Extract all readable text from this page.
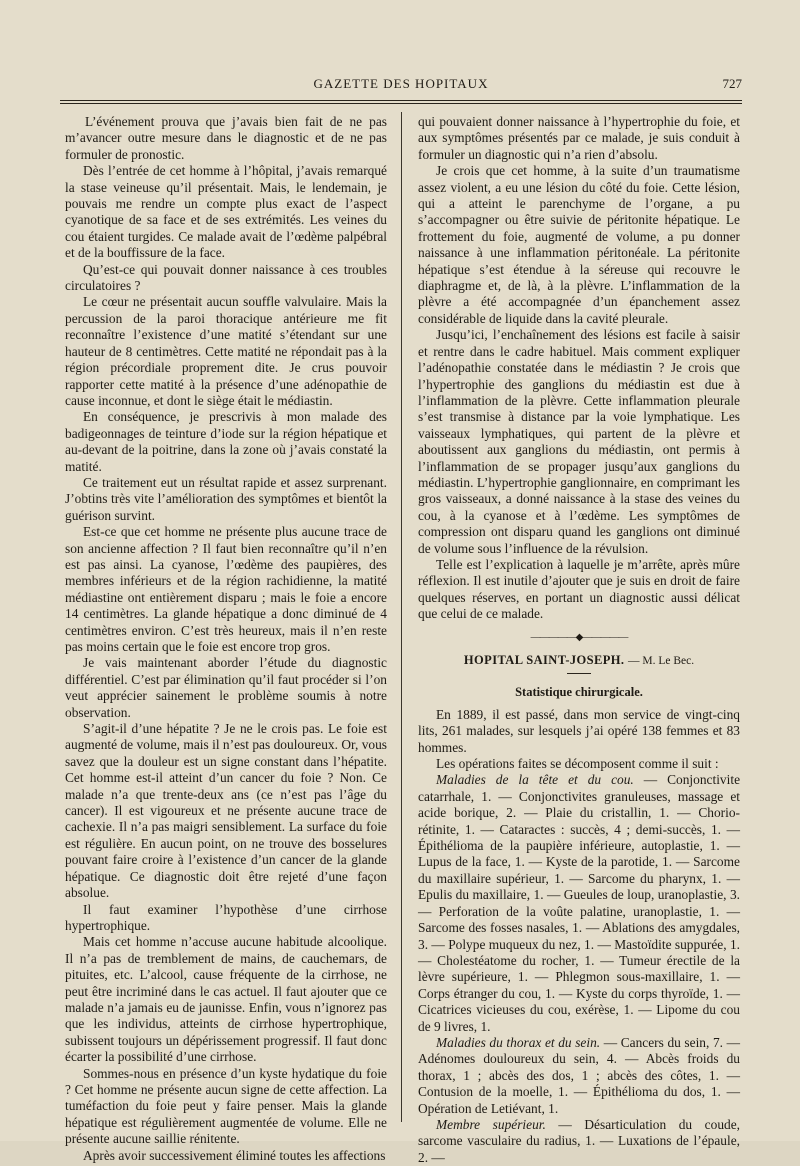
GAZETTE DES HOPITAUX	727

L’événement prouva que j’avais bien fait de ne pas m’avancer outre mesure dans le diagnostic et de ne pas formuler de pronostic.

Dès l’entrée de cet homme à l’hôpital, j’avais remarqué la stase veineuse qu’il présentait. Mais, le lendemain, je pouvais me rendre un compte plus exact de l’aspect cyanotique de sa face et de ses extrémités. Les veines du cou étaient turgides. Ce malade avait de l’œdème palpébral et de la bouffissure de la face.

Qu’est-ce qui pouvait donner naissance à ces troubles circulatoires ?

Le cœur ne présentait aucun souffle valvulaire. Mais la percussion de la paroi thoracique antérieure me fit reconnaître l’existence d’une matité s’étendant sur une hauteur de 8 centimètres. Cette matité ne répondait pas à la région précordiale proprement dite. Je crus pouvoir rapporter cette matité à la présence d’une adénopathie de cause inconnue, et dont le siège était le médiastin.

En conséquence, je prescrivis à mon malade des badigeonnages de teinture d’iode sur la région hépatique et au-devant de la poitrine, dans la zone où j’avais constaté la matité.

Ce traitement eut un résultat rapide et assez surprenant. J’obtins très vite l’amélioration des symptômes et bientôt la guérison survint.

Est-ce que cet homme ne présente plus aucune trace de son ancienne affection ? Il faut bien reconnaître qu’il n’en est pas ainsi. La cyanose, l’œdème des paupières, des membres inférieurs et de la région rachidienne, la matité médiastine ont entièrement disparu ; mais le foie a encore 14 centimètres. La glande hépatique a donc diminué de 4 centimètres environ. C’est très heureux, mais il n’en reste pas moins certain que le foie est encore trop gros.

Je vais maintenant aborder l’étude du diagnostic différentiel. C’est par élimination qu’il faut procéder si l’on veut apprécier sainement le problème soumis à notre observation.

S’agit-il d’une hépatite ? Je ne le crois pas. Le foie est augmenté de volume, mais il n’est pas douloureux. Or, vous savez que la douleur est un signe constant dans l’hépatite. Cet homme est-il atteint d’un cancer du foie ? Non. Ce malade n’a que trente-deux ans (ce n’est pas l’âge du cancer). Il est vigoureux et ne présente aucune trace de cachexie. Il n’a pas maigri sensiblement. La surface du foie est régulière. En aucun point, on ne trouve des bosselures pouvant faire croire à l’existence d’un cancer de la glande hépatique. Ce diagnostic doit être rejeté d’une façon absolue.

Il faut examiner l’hypothèse d’une cirrhose hypertrophique.

Mais cet homme n’accuse aucune habitude alcoolique. Il n’a pas de tremblement de mains, de cauchemars, de pituites, etc. L’alcool, cause fréquente de la cirrhose, ne peut être incriminé dans le cas actuel. Il faut ajouter que ce malade n’a jamais eu de jaunisse. Enfin, vous n’ignorez pas que les individus, atteints de cirrhose hypertrophique, subissent toujours un dépérissement progressif. Il faut donc écarter la possibilité d’une cirrhose.

Sommes-nous en présence d’un kyste hydatique du foie ? Cet homme ne présente aucun signe de cette affection. La tuméfaction du foie peut y faire penser. Mais la glande hépatique est régulièrement augmentée de volume. Elle ne présente aucune saillie rénitente.

Après avoir successivement éliminé toutes les affections

qui pouvaient donner naissance à l’hypertrophie du foie, et aux symptômes présentés par ce malade, je suis conduit à formuler un diagnostic qui n’a rien d’absolu.

Je crois que cet homme, à la suite d’un traumatisme assez violent, a eu une lésion du côté du foie. Cette lésion, qui a atteint le parenchyme de l’organe, a pu s’accompagner ou être suivie de péritonite hépatique. Le frottement du foie, augmenté de volume, a pu donner naissance à une inflammation péritonéale. La péritonite hépatique s’est étendue à la séreuse qui recouvre le diaphragme et, de là, à la plèvre. L’inflammation de la plèvre a été accompagnée d’un épanchement assez considérable de liquide dans la cavité pleurale.

Jusqu’ici, l’enchaînement des lésions est facile à saisir et rentre dans le cadre habituel. Mais comment expliquer l’adénopathie constatée dans le médiastin ? Je crois que l’hypertrophie des ganglions du médiastin est due à l’inflammation de la plèvre. Cette inflammation pleurale s’est transmise à distance par la voie lymphatique. Les vaisseaux lymphatiques, qui partent de la plèvre et aboutissent aux ganglions du médiastin, ont permis à l’inflammation de se propager jusqu’aux ganglions du médiastin. L’hypertrophie ganglionnaire, en comprimant les gros vaisseaux, a donné naissance à la stase des veines du cou, à la cyanose et à l’œdème. Les symptômes de compression ont disparu quand les ganglions ont diminué de volume sous l’influence de la révulsion.

Telle est l’explication à laquelle je m’arrête, après mûre réflexion. Il est inutile d’ajouter que je suis en droit de faire quelques réserves, en portant un diagnostic aussi délicat que celui de ce malade.

―――――◆―――――
HOPITAL SAINT-JOSEPH. — M. Le Bec.
Statistique chirurgicale.

En 1889, il est passé, dans mon service de vingt-cinq lits, 261 malades, sur lesquels j’ai opéré 138 femmes et 83 hommes.

Les opérations faites se décomposent comme il suit :

Maladies de la tête et du cou. — Conjonctivite catarrhale, 1. — Conjonctivites granuleuses, massage et acide borique, 2. — Plaie du cristallin, 1. — Chorio-rétinite, 1. — Cataractes : succès, 4 ; demi-succès, 1. — Épithélioma de la paupière inférieure, autoplastie, 1. — Lupus de la face, 1. — Kyste de la parotide, 1. — Sarcome du maxillaire supérieur, 1. — Sarcome du pharynx, 1. — Epulis du maxillaire, 1. — Gueules de loup, uranoplastie, 3. — Perforation de la voûte palatine, uranoplastie, 1. — Sarcome des fosses nasales, 1. — Ablations des amygdales, 3. — Polype muqueux du nez, 1. — Mastoïdite suppurée, 1. — Cholestéatome du rocher, 1. — Tumeur érectile de la lèvre supérieure, 1. — Phlegmon sous-maxillaire, 1. — Corps étranger du cou, 1. — Kyste du corps thyroïde, 1. — Cicatrices vicieuses du cou, exérèse, 1. — Lipome du cou de 9 livres, 1.

Maladies du thorax et du sein. — Cancers du sein, 7. — Adénomes douloureux du sein, 4. — Abcès froids du thorax, 1 ; abcès des dos, 1 ; abcès des côtes, 1. — Contusion de la moelle, 1. — Épithélioma du dos, 1. — Opération de Letiévant, 1.

Membre supérieur. — Désarticulation du coude, sarcome vasculaire du radius, 1. — Luxations de l’épaule, 2. —
